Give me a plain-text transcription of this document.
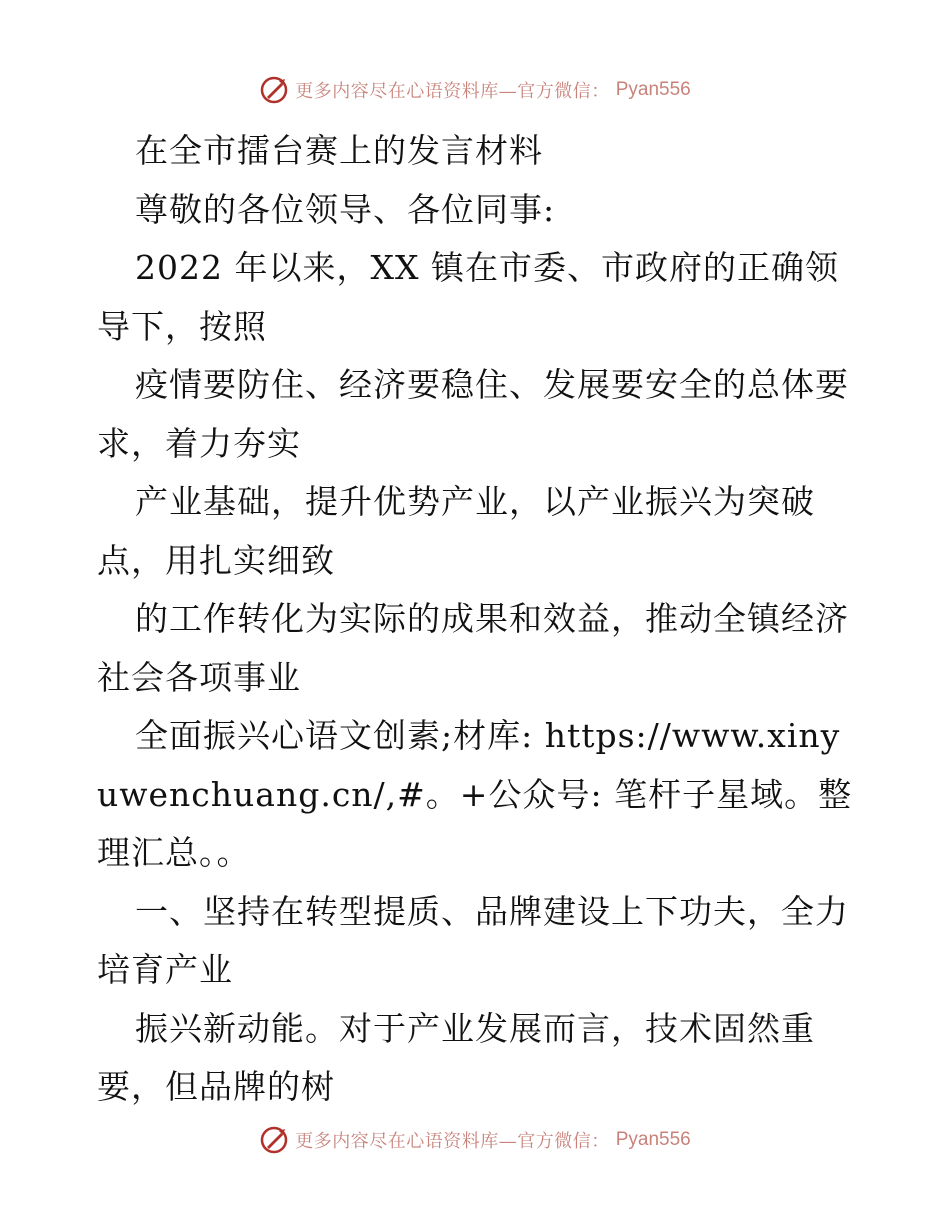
更多内容尽在心语资料库—官方微信： Pyan556

在全市擂台赛上的发言材料

尊敬的各位领导、各位同事:

2022 年以来，XX 镇在市委、市政府的正确领导下，按照

疫情要防住、经济要稳住、发展要安全的总体要求，着力夯实

产业基础，提升优势产业，以产业振兴为突破点，用扎实细致

的工作转化为实际的成果和效益，推动全镇经济社会各项事业

全面振兴心语文创素;材库: https://www.xinyuwenchuang.cn/,#。+公众号: 笔杆子星域。整理汇总。。

一、坚持在转型提质、品牌建设上下功夫，全力培育产业

振兴新动能。对于产业发展而言，技术固然重要，但品牌的树

更多内容尽在心语资料库—官方微信： Pyan556
